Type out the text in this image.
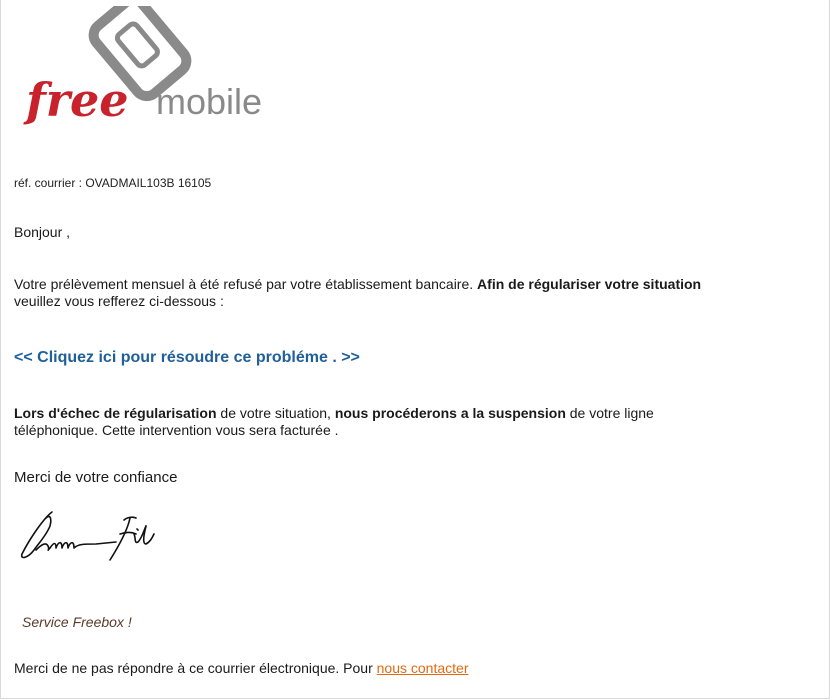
free mobile
réf. courrier : OVADMAIL103B 16105
Bonjour ,
Votre prélèvement mensuel à été refusé par votre établissement bancaire. Afin de régulariser votre situation veuillez vous refferez ci-dessous :
<< Cliquez ici pour résoudre ce probléme . >>
Lors d'échec de régularisation de votre situation, nous procéderons a la suspension de votre ligne téléphonique. Cette intervention vous sera facturée .
Merci de votre confiance
Service Freebox !
Merci de ne pas répondre à ce courrier électronique. Pour nous contacter
